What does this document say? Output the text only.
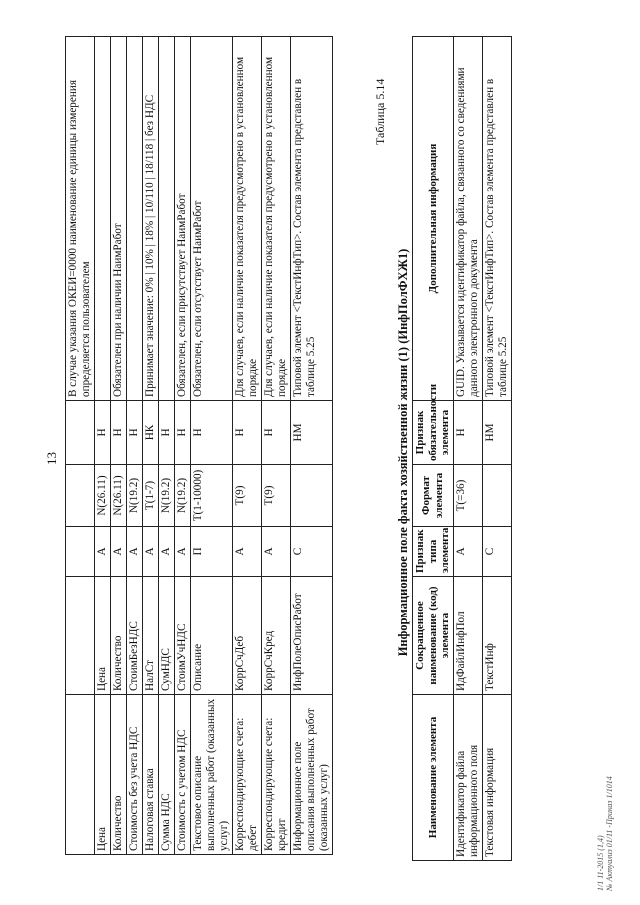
13
					В случае указания ОКЕИ=0000 наименование единицы измерения определяется пользователем
Цена	Цена	А	N(26.11)	Н	
Количество	Количество	А	N(26.11)	Н	Обязателен при наличии НаимРабот
Стоимость без учета НДС	СтоимБезНДС	А	N(19.2)	Н	
Налоговая ставка	НалСт	А	T(1-7)	НК	Принимает значение: 0% | 10% | 18% | 10/110 | 18/118 | без НДС
Сумма НДС	СумНДС	А	N(19.2)	Н	
Стоимость с учетом НДС	СтоимУчНДС	А	N(19.2)	Н	Обязателен, если присутствует НаимРабот
Текстовое описание выполненных работ (оказанных услуг)	Описание	П	T(1-10000)	Н	Обязателен, если отсутствует НаимРабот
Корреспондирующие счета: дебет	КоррСчДеб	А	T(9)	Н	Для случаев, если наличие показателя предусмотрено в установленном порядке
Корреспондирующие счета: кредит	КоррСчКред	А	T(9)	Н	Для случаев, если наличие показателя предусмотрено в установленном порядке
Информационное поле описания выполненных работ (оказанных услуг)	ИнфПолеОписРабот	С		НМ	Типовой элемент <ТекстИнфТип>. Состав элемента представлен в таблице 5.25
Таблица 5.14
Информационное поле факта хозяйственной жизни (1) (ИнфПолФХЖ1)
Наименование элемента	Сокращенное наименование (код) элемента	Признак типа элемента	Формат элемента	Признак обязательности элемента	Дополнительная информация
Идентификатор файла информационного поля	ИдФайлИнфПол	А	T(=36)	Н	GUID. Указывается идентификатор файла, связанного со сведениями данного электронного документа
Текстовая информация	ТекстИнф	С		НМ	Типовой элемент <ТекстИнфТип>. Состав элемента представлен в таблице 5.25
1/1 11-2015 (1,4) № Актуализ 01/11 -Приказ 1/1014
